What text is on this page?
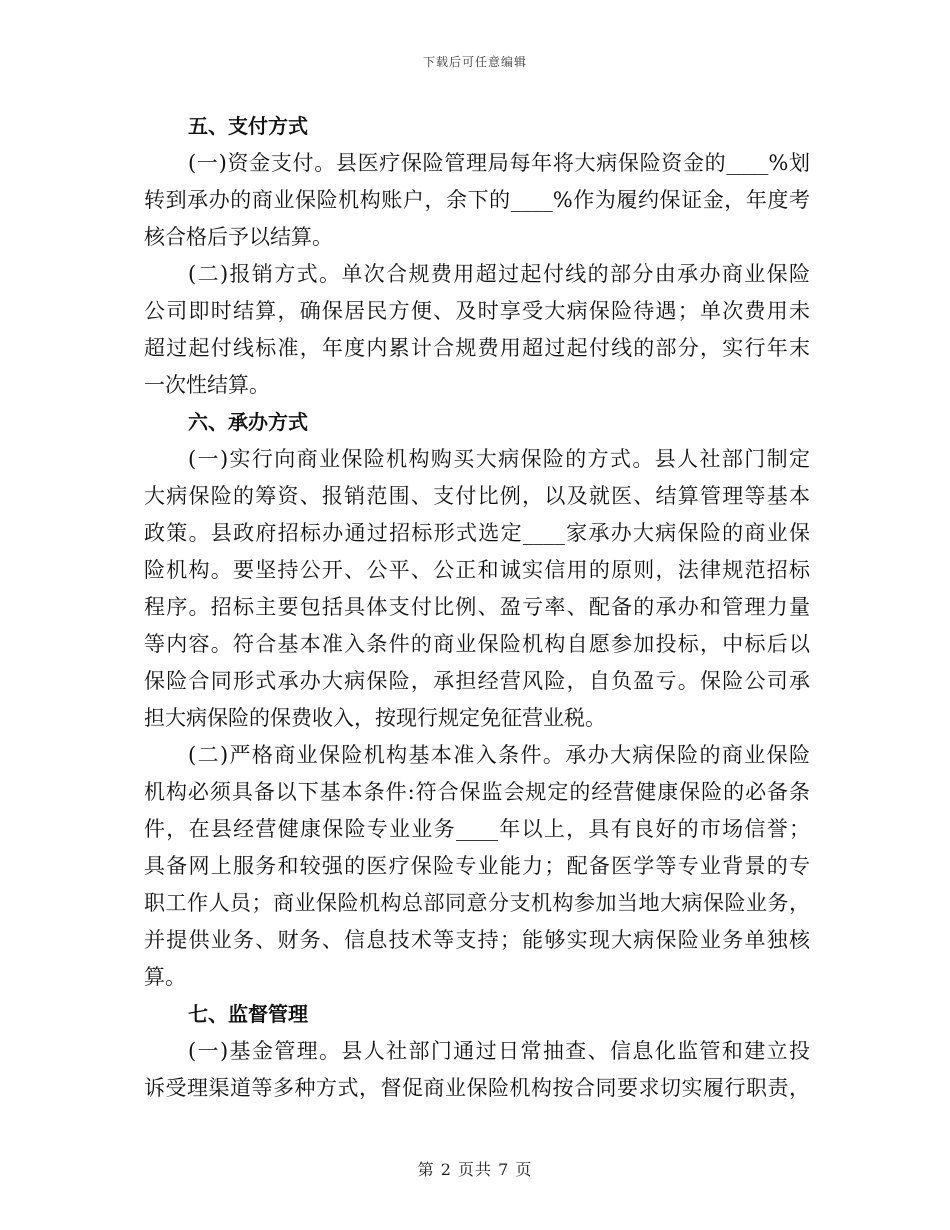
下载后可任意编辑
五、支付方式
(一)资金支付。县医疗保险管理局每年将大病保险资金的____%划
转到承办的商业保险机构账户，余下的____%作为履约保证金，年度考
核合格后予以结算。
(二)报销方式。单次合规费用超过起付线的部分由承办商业保险
公司即时结算，确保居民方便、及时享受大病保险待遇；单次费用未
超过起付线标准，年度内累计合规费用超过起付线的部分，实行年末
一次性结算。
六、承办方式
(一)实行向商业保险机构购买大病保险的方式。县人社部门制定
大病保险的筹资、报销范围、支付比例，以及就医、结算管理等基本
政策。县政府招标办通过招标形式选定____家承办大病保险的商业保
险机构。要坚持公开、公平、公正和诚实信用的原则，法律规范招标
程序。招标主要包括具体支付比例、盈亏率、配备的承办和管理力量
等内容。符合基本准入条件的商业保险机构自愿参加投标，中标后以
保险合同形式承办大病保险，承担经营风险，自负盈亏。保险公司承
担大病保险的保费收入，按现行规定免征营业税。
(二)严格商业保险机构基本准入条件。承办大病保险的商业保险
机构必须具备以下基本条件:符合保监会规定的经营健康保险的必备条
件，在县经营健康保险专业业务____年以上，具有良好的市场信誉；
具备网上服务和较强的医疗保险专业能力；配备医学等专业背景的专
职工作人员；商业保险机构总部同意分支机构参加当地大病保险业务，
并提供业务、财务、信息技术等支持；能够实现大病保险业务单独核
算。
七、监督管理
(一)基金管理。县人社部门通过日常抽查、信息化监管和建立投
诉受理渠道等多种方式，督促商业保险机构按合同要求切实履行职责，
第 2 页共 7 页
